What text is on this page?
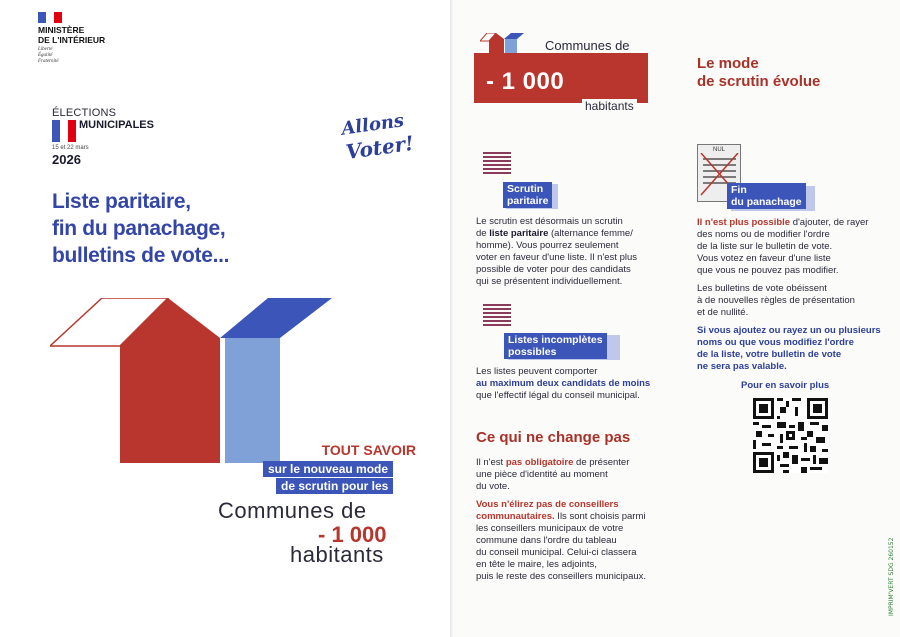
MINISTÈRE
DE L'INTÉRIEUR
Liberté
Égalité
Fraternité
ÉLECTIONS
MUNICIPALES
15 et 22 mars
2026
Allons
Voter!
Liste paritaire,
fin du panachage,
bulletins de vote...
TOUT SAVOIR
sur le nouveau mode
de scrutin pour les
Communes de
- 1 000
habitants
Communes de
- 1 000
habitants
Scrutin
paritaire
Le scrutin est désormais un scrutin
de liste paritaire (alternance femme/
homme). Vous pourrez seulement
voter en faveur d'une liste. Il n'est plus
possible de voter pour des candidats
qui se présentent individuellement.
Listes incomplètes
possibles
Les listes peuvent comporter
au maximum deux candidats de moins
que l'effectif légal du conseil municipal.
Ce qui ne change pas
Il n'est pas obligatoire de présenter
une pièce d'identité au moment
du vote.
Vous n'élirez pas de conseillers
communautaires. Ils sont choisis parmi
les conseillers municipaux de votre
commune dans l'ordre du tableau
du conseil municipal. Celui-ci classera
en tête le maire, les adjoints,
puis le reste des conseillers municipaux.
Le mode
de scrutin évolue
NUL
Fin
du panachage
Il n'est plus possible d'ajouter, de rayer
des noms ou de modifier l'ordre
de la liste sur le bulletin de vote.
Vous votez en faveur d'une liste
que vous ne pouvez pas modifier.
Les bulletins de vote obéissent
à de nouvelles règles de présentation
et de nullité.
Si vous ajoutez ou rayez un ou plusieurs
noms ou que vous modifiez l'ordre
de la liste, votre bulletin de vote
ne sera pas valable.
Pour en savoir plus
IMPRIM'VERT SDG 260152
